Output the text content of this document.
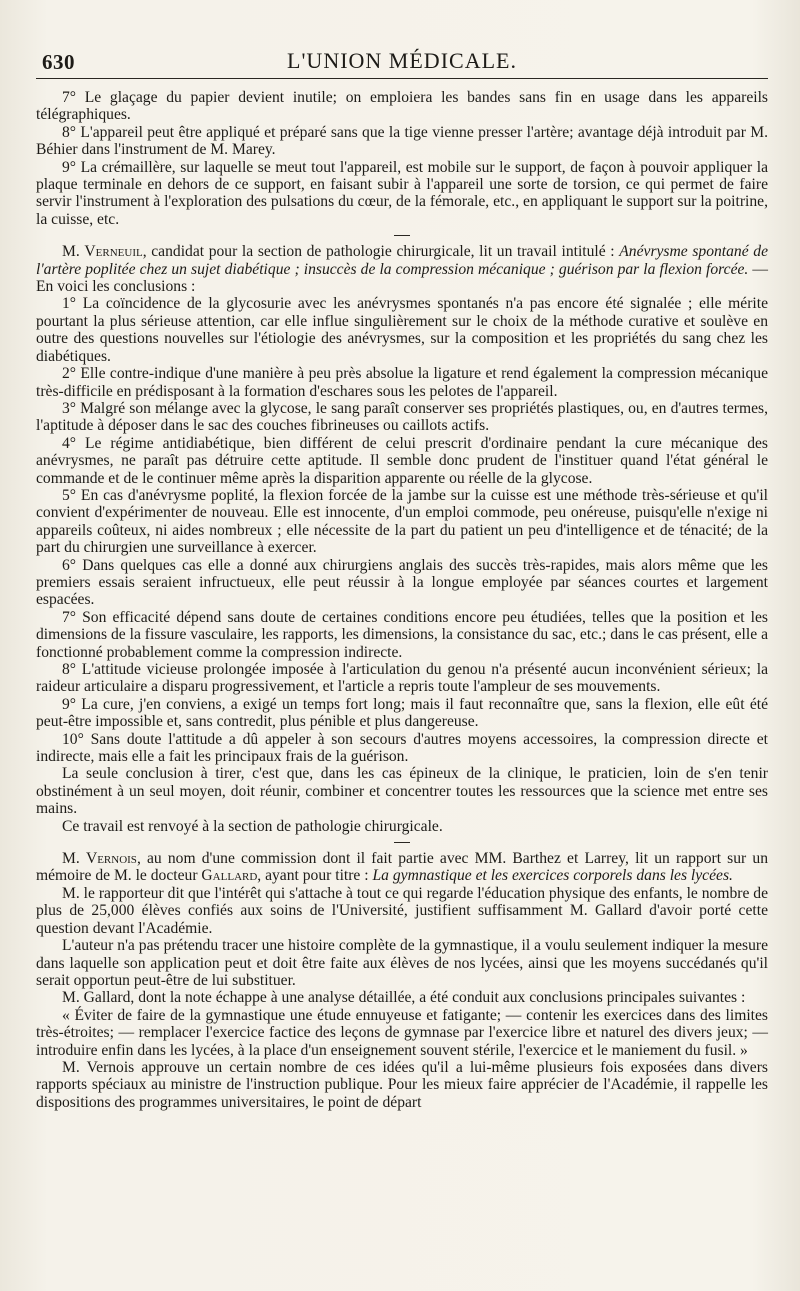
630	L'UNION MÉDICALE.

7° Le glaçage du papier devient inutile; on emploiera les bandes sans fin en usage dans les appareils télégraphiques.

8° L'appareil peut être appliqué et préparé sans que la tige vienne presser l'artère; avantage déjà introduit par M. Béhier dans l'instrument de M. Marey.

9° La crémaillère, sur laquelle se meut tout l'appareil, est mobile sur le support, de façon à pouvoir appliquer la plaque terminale en dehors de ce support, en faisant subir à l'appareil une sorte de torsion, ce qui permet de faire servir l'instrument à l'exploration des pulsations du cœur, de la fémorale, etc., en appliquant le support sur la poitrine, la cuisse, etc.

M. Verneuil, candidat pour la section de pathologie chirurgicale, lit un travail intitulé : Anévrysme spontané de l'artère poplitée chez un sujet diabétique ; insuccès de la compression mécanique ; guérison par la flexion forcée. — En voici les conclusions :

1° La coïncidence de la glycosurie avec les anévrysmes spontanés n'a pas encore été signalée ; elle mérite pourtant la plus sérieuse attention, car elle influe singulièrement sur le choix de la méthode curative et soulève en outre des questions nouvelles sur l'étiologie des anévrysmes, sur la composition et les propriétés du sang chez les diabétiques.

2° Elle contre-indique d'une manière à peu près absolue la ligature et rend également la compression mécanique très-difficile en prédisposant à la formation d'eschares sous les pelotes de l'appareil.

3° Malgré son mélange avec la glycose, le sang paraît conserver ses propriétés plastiques, ou, en d'autres termes, l'aptitude à déposer dans le sac des couches fibrineuses ou caillots actifs.

4° Le régime antidiabétique, bien différent de celui prescrit d'ordinaire pendant la cure mécanique des anévrysmes, ne paraît pas détruire cette aptitude. Il semble donc prudent de l'instituer quand l'état général le commande et de le continuer même après la disparition apparente ou réelle de la glycose.

5° En cas d'anévrysme poplité, la flexion forcée de la jambe sur la cuisse est une méthode très-sérieuse et qu'il convient d'expérimenter de nouveau. Elle est innocente, d'un emploi commode, peu onéreuse, puisqu'elle n'exige ni appareils coûteux, ni aides nombreux ; elle nécessite de la part du patient un peu d'intelligence et de ténacité; de la part du chirurgien une surveillance à exercer.

6° Dans quelques cas elle a donné aux chirurgiens anglais des succès très-rapides, mais alors même que les premiers essais seraient infructueux, elle peut réussir à la longue employée par séances courtes et largement espacées.

7° Son efficacité dépend sans doute de certaines conditions encore peu étudiées, telles que la position et les dimensions de la fissure vasculaire, les rapports, les dimensions, la consistance du sac, etc.; dans le cas présent, elle a fonctionné probablement comme la compression indirecte.

8° L'attitude vicieuse prolongée imposée à l'articulation du genou n'a présenté aucun inconvénient sérieux; la raideur articulaire a disparu progressivement, et l'article a repris toute l'ampleur de ses mouvements.

9° La cure, j'en conviens, a exigé un temps fort long; mais il faut reconnaître que, sans la flexion, elle eût été peut-être impossible et, sans contredit, plus pénible et plus dangereuse.

10° Sans doute l'attitude a dû appeler à son secours d'autres moyens accessoires, la compression directe et indirecte, mais elle a fait les principaux frais de la guérison.

La seule conclusion à tirer, c'est que, dans les cas épineux de la clinique, le praticien, loin de s'en tenir obstinément à un seul moyen, doit réunir, combiner et concentrer toutes les ressources que la science met entre ses mains.

Ce travail est renvoyé à la section de pathologie chirurgicale.

M. Vernois, au nom d'une commission dont il fait partie avec MM. Barthez et Larrey, lit un rapport sur un mémoire de M. le docteur Gallard, ayant pour titre : La gymnastique et les exercices corporels dans les lycées.

M. le rapporteur dit que l'intérêt qui s'attache à tout ce qui regarde l'éducation physique des enfants, le nombre de plus de 25,000 élèves confiés aux soins de l'Université, justifient suffisamment M. Gallard d'avoir porté cette question devant l'Académie.

L'auteur n'a pas prétendu tracer une histoire complète de la gymnastique, il a voulu seulement indiquer la mesure dans laquelle son application peut et doit être faite aux élèves de nos lycées, ainsi que les moyens succédanés qu'il serait opportun peut-être de lui substituer.

M. Gallard, dont la note échappe à une analyse détaillée, a été conduit aux conclusions principales suivantes :

« Éviter de faire de la gymnastique une étude ennuyeuse et fatigante; — contenir les exercices dans des limites très-étroites; — remplacer l'exercice factice des leçons de gymnase par l'exercice libre et naturel des divers jeux; — introduire enfin dans les lycées, à la place d'un enseignement souvent stérile, l'exercice et le maniement du fusil. »

M. Vernois approuve un certain nombre de ces idées qu'il a lui-même plusieurs fois exposées dans divers rapports spéciaux au ministre de l'instruction publique. Pour les mieux faire apprécier de l'Académie, il rappelle les dispositions des programmes universitaires, le point de départ
